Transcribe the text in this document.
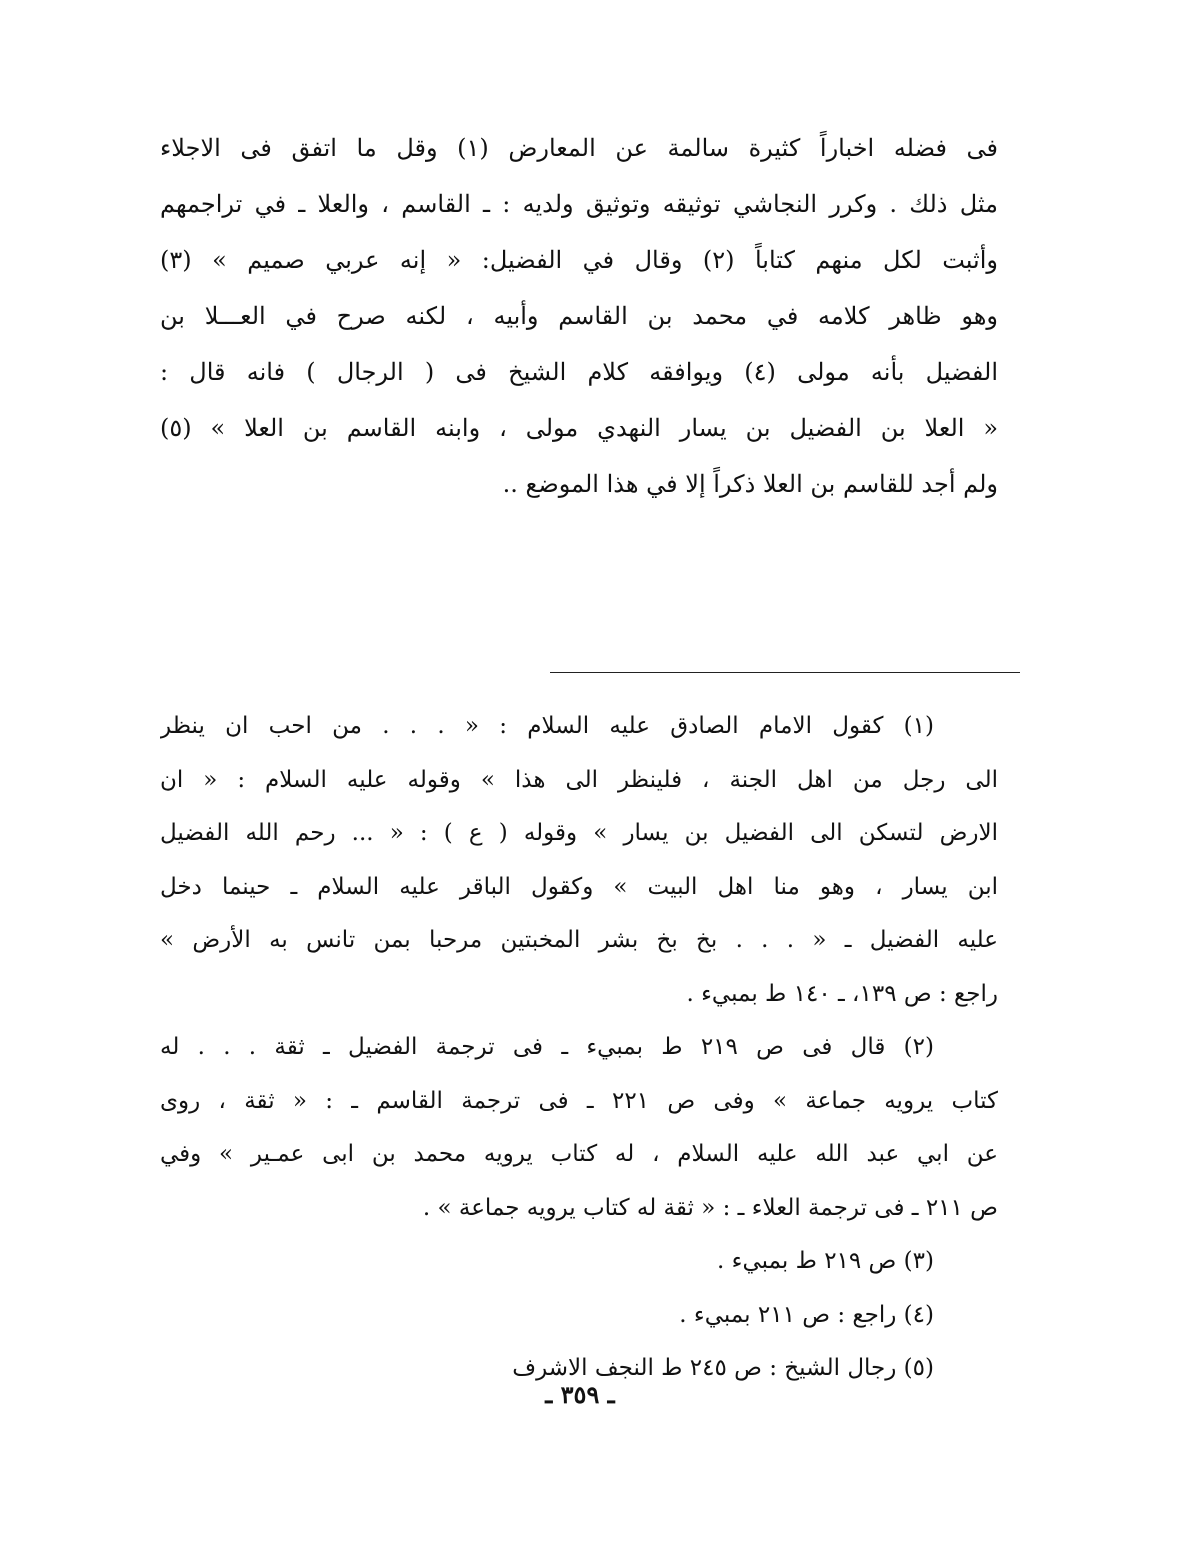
فى فضله اخباراً كثيرة سالمة عن المعارض (١) وقل ما اتفق فى الاجلاء
مثل ذلك . وكرر النجاشي توثيقه وتوثيق ولديه : ـ القاسم ، والعلا ـ في تراجمهم
وأثبت لكل منهم كتاباً (٢) وقال في الفضيل: « إنه عربي صميم » (٣)
وهو ظاهر كلامه في محمد بن القاسم وأبيه ، لكنه صرح في العـــلا بن
الفضيل بأنه مولى (٤) ويوافقه كلام الشيخ فى ( الرجال ) فانه قال :
« العلا بن الفضيل بن يسار النهدي مولى ، وابنه القاسم بن العلا » (٥)
ولم أجد للقاسم بن العلا ذكراً إلا في هذا الموضع ..
(١) كقول الامام الصادق عليه السلام : « . . . من احب ان ينظر
الى رجل من اهل الجنة ، فلينظر الى هذا » وقوله عليه السلام : « ان
الارض لتسكن الى الفضيل بن يسار » وقوله ( ع ) : « ... رحم الله الفضيل
ابن يسار ، وهو منا اهل البيت » وكقول الباقر عليه السلام ـ حينما دخل
عليه الفضيل ـ « . . . بخ بخ بشر المخبتين مرحبا بمن تانس به الأرض »
راجع : ص ١٣٩، ـ ١٤٠ ط بمبيء .
(٢) قال فى ص ٢١٩ ط بمبيء ـ فى ترجمة الفضيل ـ ثقة . . . له
كتاب يرويه جماعة » وفى ص ٢٢١ ـ فى ترجمة القاسم ـ : « ثقة ، روى
عن ابي عبد الله عليه السلام ، له كتاب يرويه محمد بن ابى عمـير » وفي
ص ٢١١ ـ فى ترجمة العلاء ـ : « ثقة له كتاب يرويه جماعة » .
(٣) ص ٢١٩ ط بمبيء .
(٤) راجع : ص ٢١١ بمبيء .
(٥) رجال الشيخ : ص ٢٤٥ ط النجف الاشرف
ـ ٣٥٩ ـ
